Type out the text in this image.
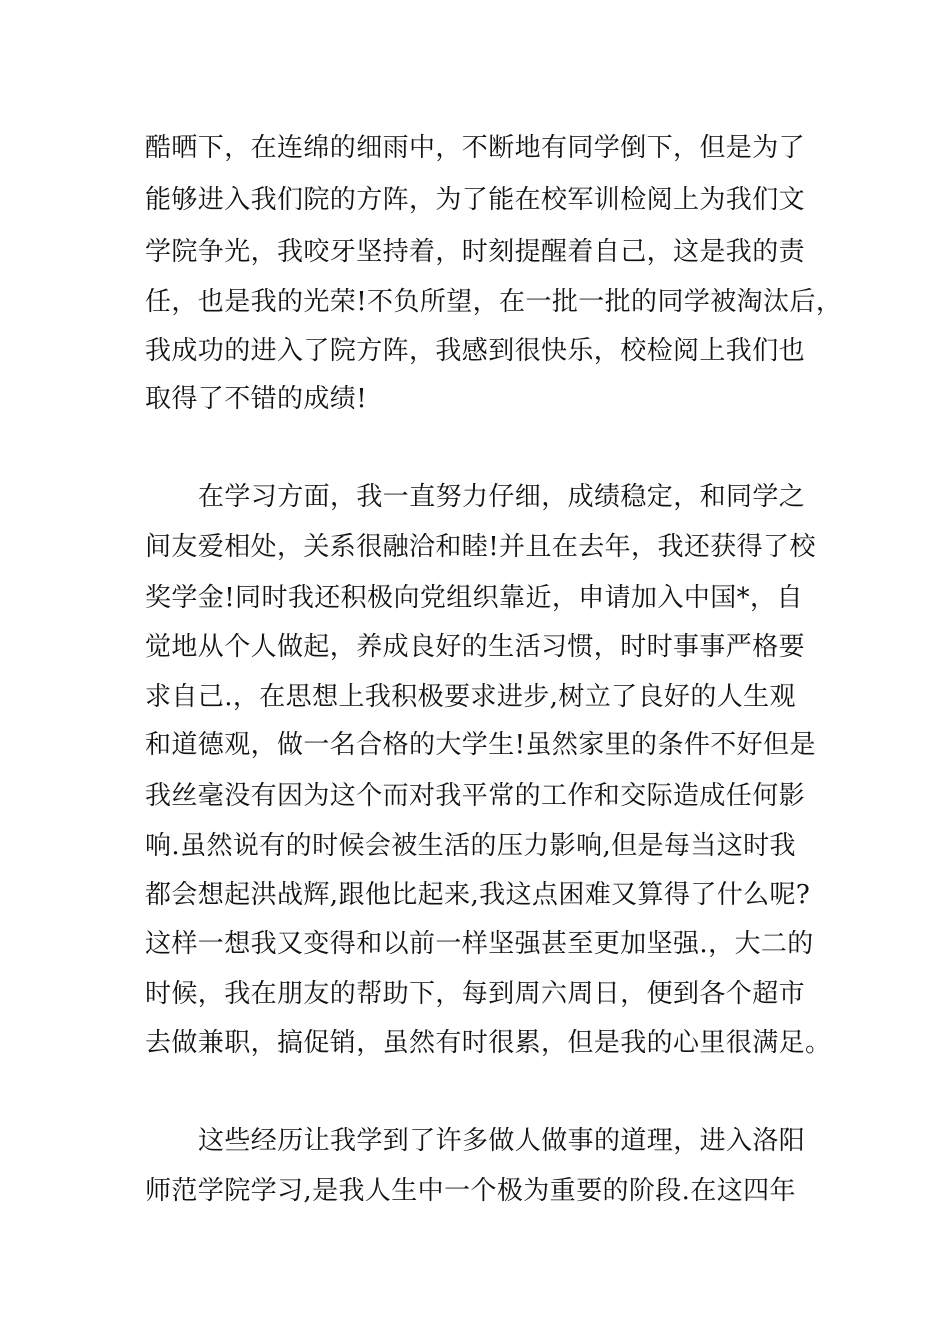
酷晒下，在连绵的细雨中，不断地有同学倒下，但是为了
能够进入我们院的方阵，为了能在校军训检阅上为我们文
学院争光，我咬牙坚持着，时刻提醒着自己，这是我的责
任，也是我的光荣!不负所望，在一批一批的同学被淘汰后，
我成功的进入了院方阵，我感到很快乐，校检阅上我们也
取得了不错的成绩!
在学习方面，我一直努力仔细，成绩稳定，和同学之
间友爱相处，关系很融洽和睦!并且在去年，我还获得了校
奖学金!同时我还积极向党组织靠近，申请加入中国*，自
觉地从个人做起，养成良好的生活习惯，时时事事严格要
求自己.，在思想上我积极要求进步,树立了良好的人生观
和道德观，做一名合格的大学生!虽然家里的条件不好但是
我丝毫没有因为这个而对我平常的工作和交际造成任何影
响.虽然说有的时候会被生活的压力影响,但是每当这时我
都会想起洪战辉,跟他比起来,我这点困难又算得了什么呢?
这样一想我又变得和以前一样坚强甚至更加坚强.，大二的
时候，我在朋友的帮助下，每到周六周日，便到各个超市
去做兼职，搞促销，虽然有时很累，但是我的心里很满足。
这些经历让我学到了许多做人做事的道理，进入洛阳
师范学院学习,是我人生中一个极为重要的阶段.在这四年
